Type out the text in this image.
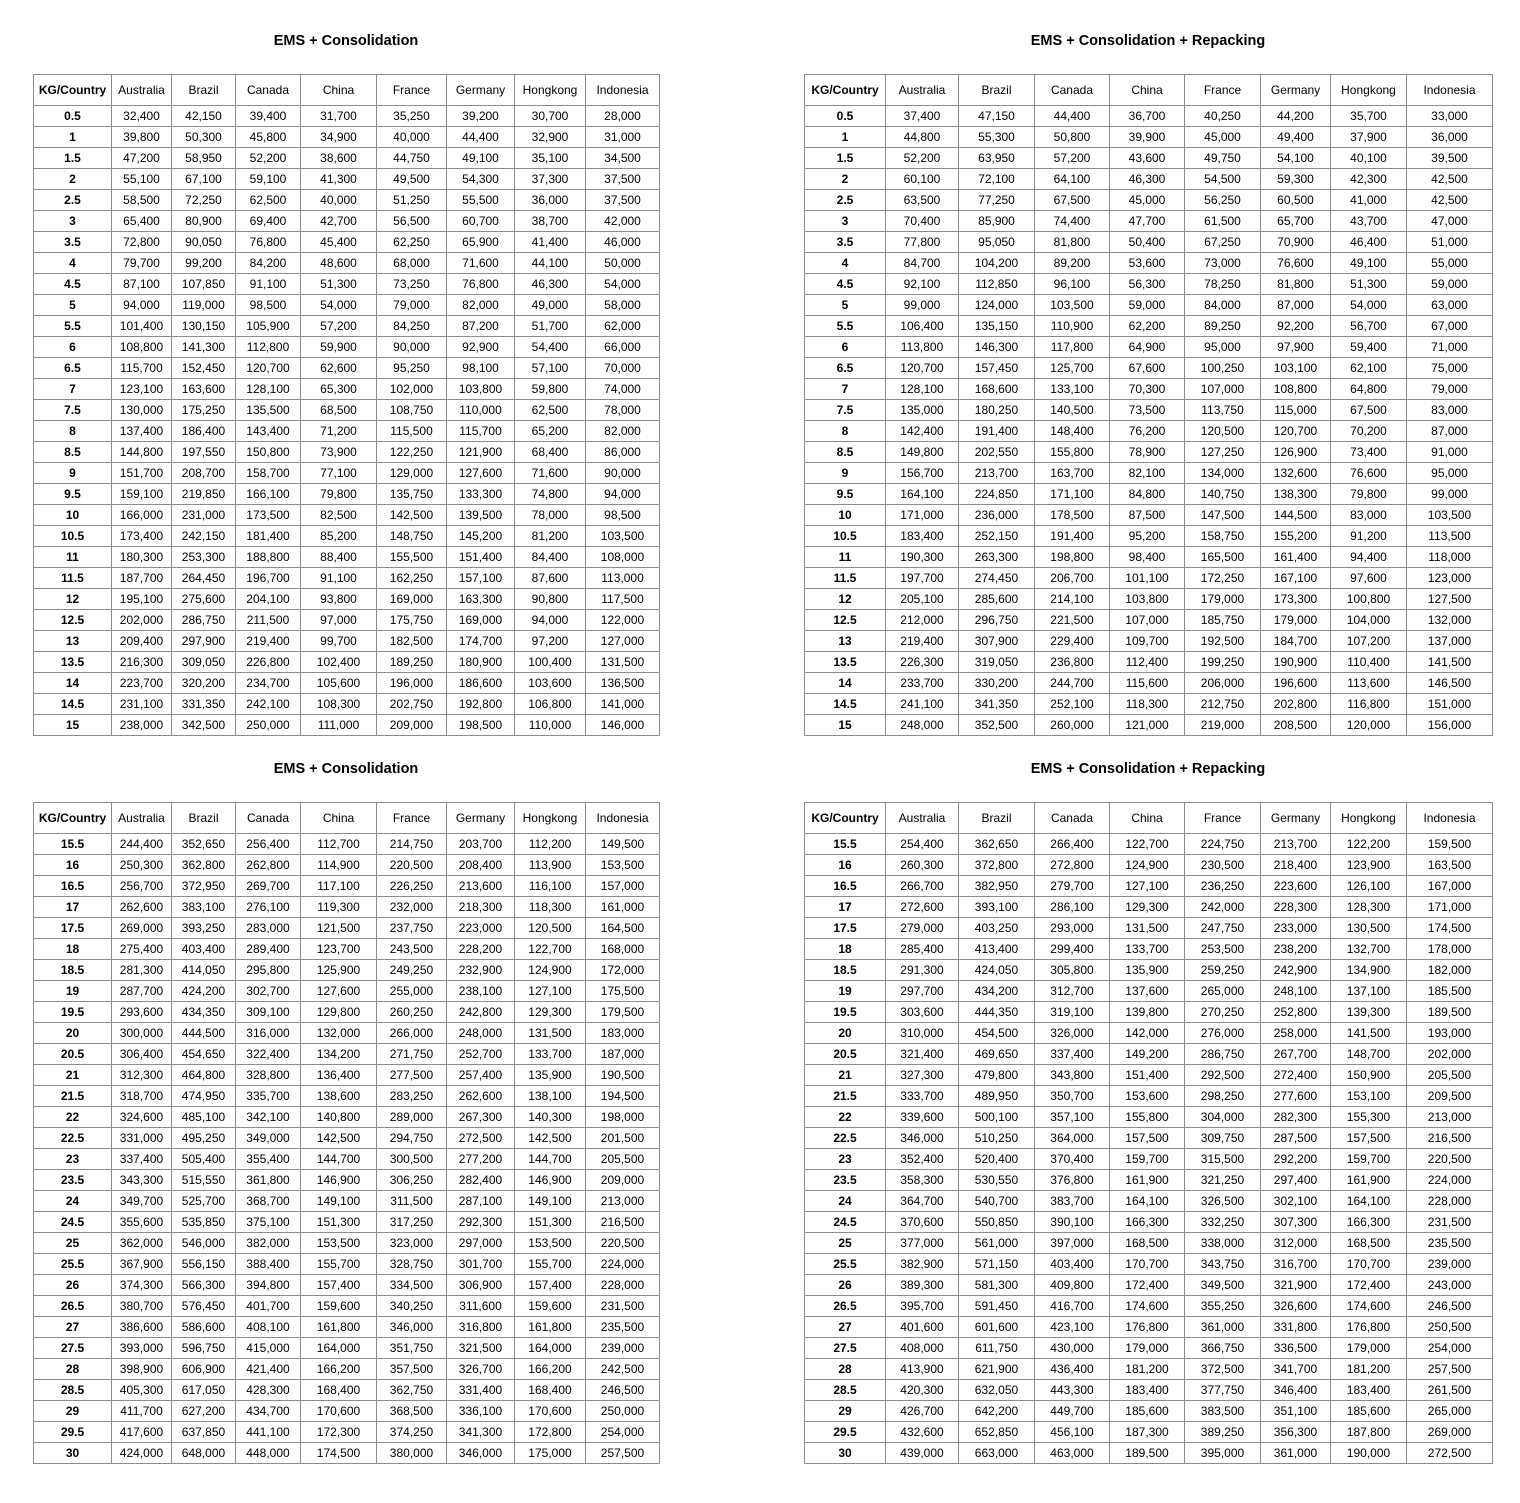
EMS + Consolidation
KG/Country	Australia	Brazil	Canada	China	France	Germany	Hongkong	Indonesia
0.5	32,400	42,150	39,400	31,700	35,250	39,200	30,700	28,000
1	39,800	50,300	45,800	34,900	40,000	44,400	32,900	31,000
1.5	47,200	58,950	52,200	38,600	44,750	49,100	35,100	34,500
2	55,100	67,100	59,100	41,300	49,500	54,300	37,300	37,500
2.5	58,500	72,250	62,500	40,000	51,250	55,500	36,000	37,500
3	65,400	80,900	69,400	42,700	56,500	60,700	38,700	42,000
3.5	72,800	90,050	76,800	45,400	62,250	65,900	41,400	46,000
4	79,700	99,200	84,200	48,600	68,000	71,600	44,100	50,000
4.5	87,100	107,850	91,100	51,300	73,250	76,800	46,300	54,000
5	94,000	119,000	98,500	54,000	79,000	82,000	49,000	58,000
5.5	101,400	130,150	105,900	57,200	84,250	87,200	51,700	62,000
6	108,800	141,300	112,800	59,900	90,000	92,900	54,400	66,000
6.5	115,700	152,450	120,700	62,600	95,250	98,100	57,100	70,000
7	123,100	163,600	128,100	65,300	102,000	103,800	59,800	74,000
7.5	130,000	175,250	135,500	68,500	108,750	110,000	62,500	78,000
8	137,400	186,400	143,400	71,200	115,500	115,700	65,200	82,000
8.5	144,800	197,550	150,800	73,900	122,250	121,900	68,400	86,000
9	151,700	208,700	158,700	77,100	129,000	127,600	71,600	90,000
9.5	159,100	219,850	166,100	79,800	135,750	133,300	74,800	94,000
10	166,000	231,000	173,500	82,500	142,500	139,500	78,000	98,500
10.5	173,400	242,150	181,400	85,200	148,750	145,200	81,200	103,500
11	180,300	253,300	188,800	88,400	155,500	151,400	84,400	108,000
11.5	187,700	264,450	196,700	91,100	162,250	157,100	87,600	113,000
12	195,100	275,600	204,100	93,800	169,000	163,300	90,800	117,500
12.5	202,000	286,750	211,500	97,000	175,750	169,000	94,000	122,000
13	209,400	297,900	219,400	99,700	182,500	174,700	97,200	127,000
13.5	216,300	309,050	226,800	102,400	189,250	180,900	100,400	131,500
14	223,700	320,200	234,700	105,600	196,000	186,600	103,600	136,500
14.5	231,100	331,350	242,100	108,300	202,750	192,800	106,800	141,000
15	238,000	342,500	250,000	111,000	209,000	198,500	110,000	146,000
EMS + Consolidation + Repacking
KG/Country	Australia	Brazil	Canada	China	France	Germany	Hongkong	Indonesia
0.5	37,400	47,150	44,400	36,700	40,250	44,200	35,700	33,000
1	44,800	55,300	50,800	39,900	45,000	49,400	37,900	36,000
1.5	52,200	63,950	57,200	43,600	49,750	54,100	40,100	39,500
2	60,100	72,100	64,100	46,300	54,500	59,300	42,300	42,500
2.5	63,500	77,250	67,500	45,000	56,250	60,500	41,000	42,500
3	70,400	85,900	74,400	47,700	61,500	65,700	43,700	47,000
3.5	77,800	95,050	81,800	50,400	67,250	70,900	46,400	51,000
4	84,700	104,200	89,200	53,600	73,000	76,600	49,100	55,000
4.5	92,100	112,850	96,100	56,300	78,250	81,800	51,300	59,000
5	99,000	124,000	103,500	59,000	84,000	87,000	54,000	63,000
5.5	106,400	135,150	110,900	62,200	89,250	92,200	56,700	67,000
6	113,800	146,300	117,800	64,900	95,000	97,900	59,400	71,000
6.5	120,700	157,450	125,700	67,600	100,250	103,100	62,100	75,000
7	128,100	168,600	133,100	70,300	107,000	108,800	64,800	79,000
7.5	135,000	180,250	140,500	73,500	113,750	115,000	67,500	83,000
8	142,400	191,400	148,400	76,200	120,500	120,700	70,200	87,000
8.5	149,800	202,550	155,800	78,900	127,250	126,900	73,400	91,000
9	156,700	213,700	163,700	82,100	134,000	132,600	76,600	95,000
9.5	164,100	224,850	171,100	84,800	140,750	138,300	79,800	99,000
10	171,000	236,000	178,500	87,500	147,500	144,500	83,000	103,500
10.5	183,400	252,150	191,400	95,200	158,750	155,200	91,200	113,500
11	190,300	263,300	198,800	98,400	165,500	161,400	94,400	118,000
11.5	197,700	274,450	206,700	101,100	172,250	167,100	97,600	123,000
12	205,100	285,600	214,100	103,800	179,000	173,300	100,800	127,500
12.5	212,000	296,750	221,500	107,000	185,750	179,000	104,000	132,000
13	219,400	307,900	229,400	109,700	192,500	184,700	107,200	137,000
13.5	226,300	319,050	236,800	112,400	199,250	190,900	110,400	141,500
14	233,700	330,200	244,700	115,600	206,000	196,600	113,600	146,500
14.5	241,100	341,350	252,100	118,300	212,750	202,800	116,800	151,000
15	248,000	352,500	260,000	121,000	219,000	208,500	120,000	156,000
EMS + Consolidation
KG/Country	Australia	Brazil	Canada	China	France	Germany	Hongkong	Indonesia
15.5	244,400	352,650	256,400	112,700	214,750	203,700	112,200	149,500
16	250,300	362,800	262,800	114,900	220,500	208,400	113,900	153,500
16.5	256,700	372,950	269,700	117,100	226,250	213,600	116,100	157,000
17	262,600	383,100	276,100	119,300	232,000	218,300	118,300	161,000
17.5	269,000	393,250	283,000	121,500	237,750	223,000	120,500	164,500
18	275,400	403,400	289,400	123,700	243,500	228,200	122,700	168,000
18.5	281,300	414,050	295,800	125,900	249,250	232,900	124,900	172,000
19	287,700	424,200	302,700	127,600	255,000	238,100	127,100	175,500
19.5	293,600	434,350	309,100	129,800	260,250	242,800	129,300	179,500
20	300,000	444,500	316,000	132,000	266,000	248,000	131,500	183,000
20.5	306,400	454,650	322,400	134,200	271,750	252,700	133,700	187,000
21	312,300	464,800	328,800	136,400	277,500	257,400	135,900	190,500
21.5	318,700	474,950	335,700	138,600	283,250	262,600	138,100	194,500
22	324,600	485,100	342,100	140,800	289,000	267,300	140,300	198,000
22.5	331,000	495,250	349,000	142,500	294,750	272,500	142,500	201,500
23	337,400	505,400	355,400	144,700	300,500	277,200	144,700	205,500
23.5	343,300	515,550	361,800	146,900	306,250	282,400	146,900	209,000
24	349,700	525,700	368,700	149,100	311,500	287,100	149,100	213,000
24.5	355,600	535,850	375,100	151,300	317,250	292,300	151,300	216,500
25	362,000	546,000	382,000	153,500	323,000	297,000	153,500	220,500
25.5	367,900	556,150	388,400	155,700	328,750	301,700	155,700	224,000
26	374,300	566,300	394,800	157,400	334,500	306,900	157,400	228,000
26.5	380,700	576,450	401,700	159,600	340,250	311,600	159,600	231,500
27	386,600	586,600	408,100	161,800	346,000	316,800	161,800	235,500
27.5	393,000	596,750	415,000	164,000	351,750	321,500	164,000	239,000
28	398,900	606,900	421,400	166,200	357,500	326,700	166,200	242,500
28.5	405,300	617,050	428,300	168,400	362,750	331,400	168,400	246,500
29	411,700	627,200	434,700	170,600	368,500	336,100	170,600	250,000
29.5	417,600	637,850	441,100	172,300	374,250	341,300	172,800	254,000
30	424,000	648,000	448,000	174,500	380,000	346,000	175,000	257,500
EMS + Consolidation + Repacking
KG/Country	Australia	Brazil	Canada	China	France	Germany	Hongkong	Indonesia
15.5	254,400	362,650	266,400	122,700	224,750	213,700	122,200	159,500
16	260,300	372,800	272,800	124,900	230,500	218,400	123,900	163,500
16.5	266,700	382,950	279,700	127,100	236,250	223,600	126,100	167,000
17	272,600	393,100	286,100	129,300	242,000	228,300	128,300	171,000
17.5	279,000	403,250	293,000	131,500	247,750	233,000	130,500	174,500
18	285,400	413,400	299,400	133,700	253,500	238,200	132,700	178,000
18.5	291,300	424,050	305,800	135,900	259,250	242,900	134,900	182,000
19	297,700	434,200	312,700	137,600	265,000	248,100	137,100	185,500
19.5	303,600	444,350	319,100	139,800	270,250	252,800	139,300	189,500
20	310,000	454,500	326,000	142,000	276,000	258,000	141,500	193,000
20.5	321,400	469,650	337,400	149,200	286,750	267,700	148,700	202,000
21	327,300	479,800	343,800	151,400	292,500	272,400	150,900	205,500
21.5	333,700	489,950	350,700	153,600	298,250	277,600	153,100	209,500
22	339,600	500,100	357,100	155,800	304,000	282,300	155,300	213,000
22.5	346,000	510,250	364,000	157,500	309,750	287,500	157,500	216,500
23	352,400	520,400	370,400	159,700	315,500	292,200	159,700	220,500
23.5	358,300	530,550	376,800	161,900	321,250	297,400	161,900	224,000
24	364,700	540,700	383,700	164,100	326,500	302,100	164,100	228,000
24.5	370,600	550,850	390,100	166,300	332,250	307,300	166,300	231,500
25	377,000	561,000	397,000	168,500	338,000	312,000	168,500	235,500
25.5	382,900	571,150	403,400	170,700	343,750	316,700	170,700	239,000
26	389,300	581,300	409,800	172,400	349,500	321,900	172,400	243,000
26.5	395,700	591,450	416,700	174,600	355,250	326,600	174,600	246,500
27	401,600	601,600	423,100	176,800	361,000	331,800	176,800	250,500
27.5	408,000	611,750	430,000	179,000	366,750	336,500	179,000	254,000
28	413,900	621,900	436,400	181,200	372,500	341,700	181,200	257,500
28.5	420,300	632,050	443,300	183,400	377,750	346,400	183,400	261,500
29	426,700	642,200	449,700	185,600	383,500	351,100	185,600	265,000
29.5	432,600	652,850	456,100	187,300	389,250	356,300	187,800	269,000
30	439,000	663,000	463,000	189,500	395,000	361,000	190,000	272,500
